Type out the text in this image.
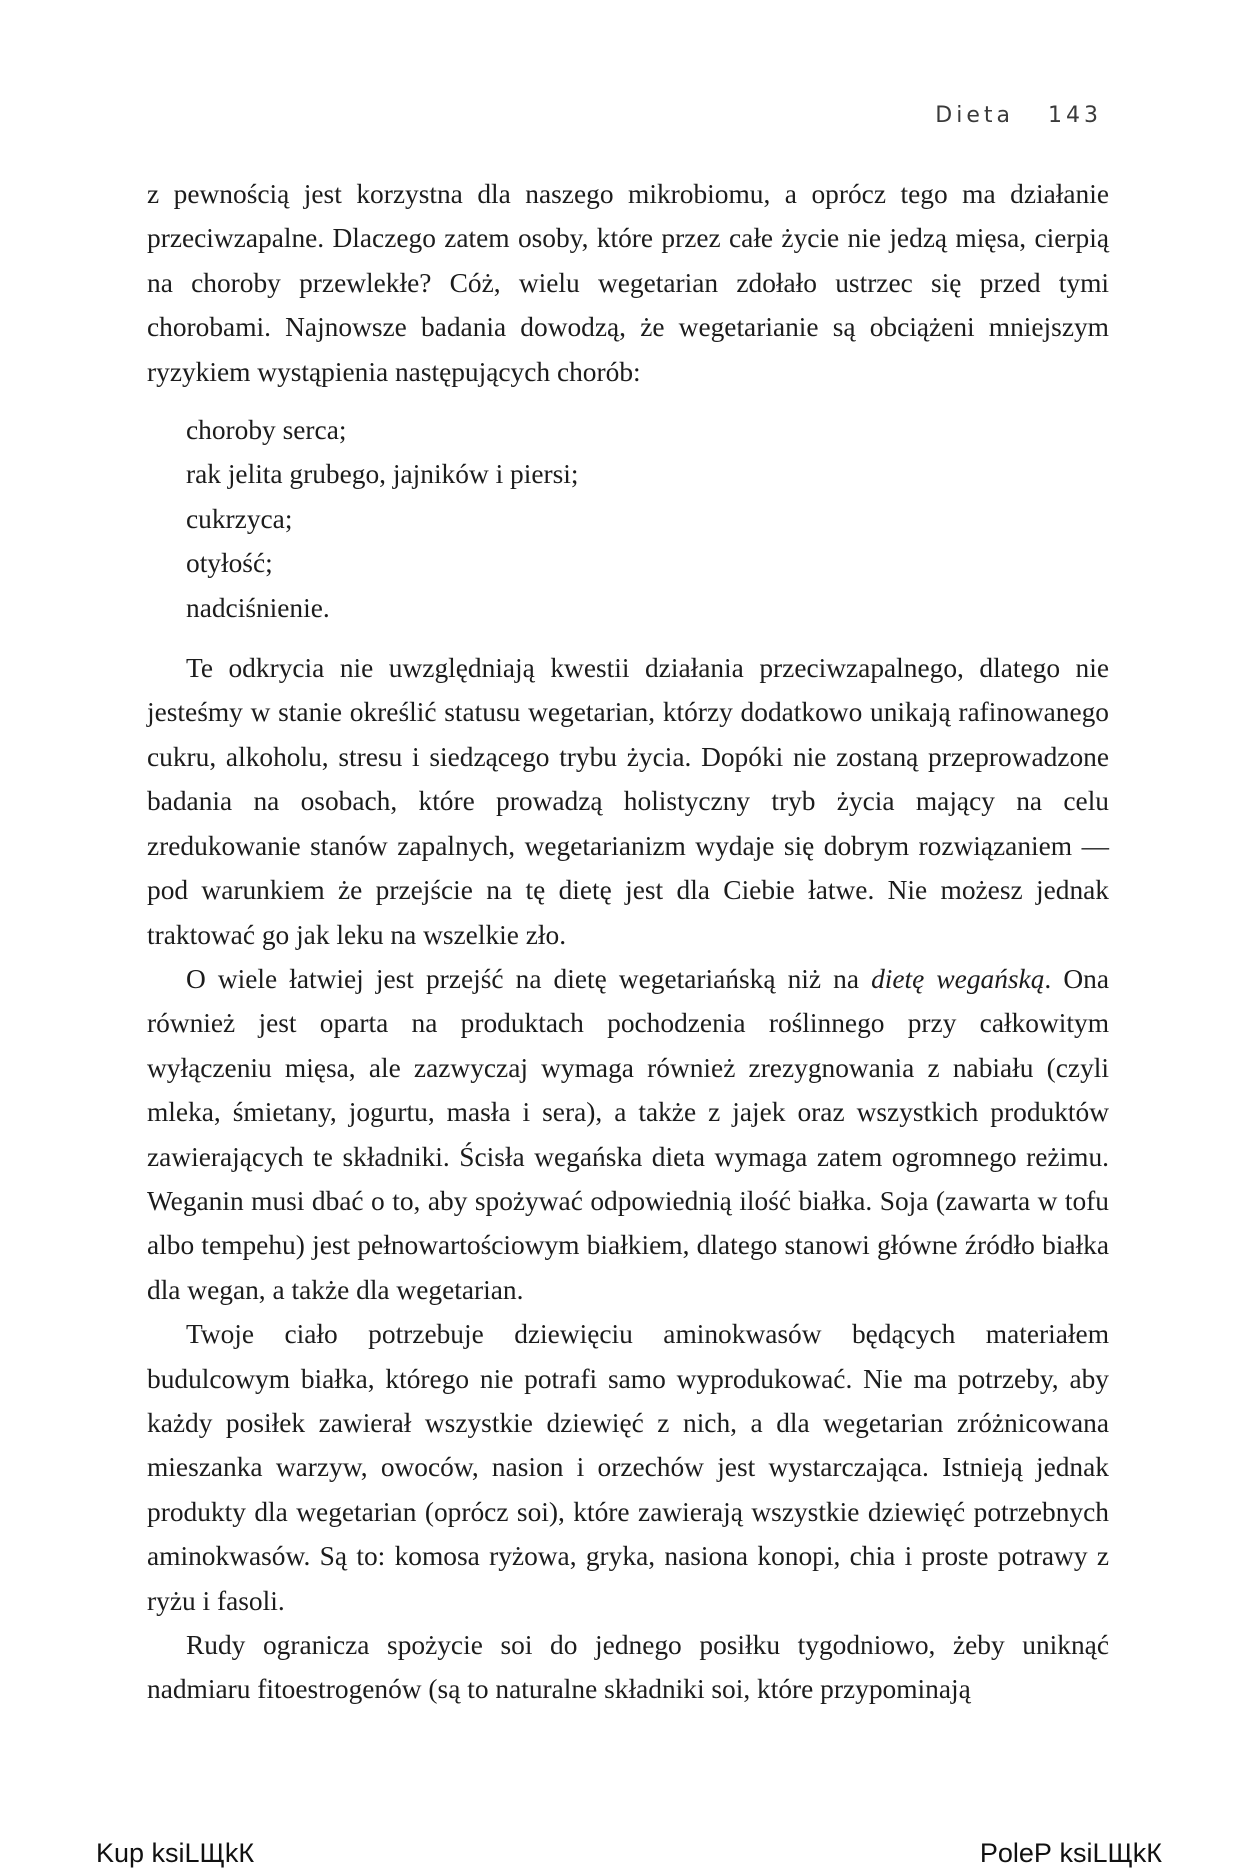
Dieta 143

z pewnością jest korzystna dla naszego mikrobiomu, a oprócz tego ma działanie przeciwzapalne. Dlaczego zatem osoby, które przez całe życie nie jedzą mięsa, cierpią na choroby przewlekłe? Cóż, wielu wegetarian zdołało ustrzec się przed tymi chorobami. Najnowsze badania dowodzą, że wegetarianie są obciążeni mniejszym ryzykiem wystąpienia następujących chorób:

choroby serca;
rak jelita grubego, jajników i piersi;
cukrzyca;
otyłość;
nadciśnienie.

Te odkrycia nie uwzględniają kwestii działania przeciwzapalnego, dlatego nie jesteśmy w stanie określić statusu wegetarian, którzy dodatkowo unikają rafinowanego cukru, alkoholu, stresu i siedzącego trybu życia. Dopóki nie zostaną przeprowadzone badania na osobach, które prowadzą holistyczny tryb życia mający na celu zredukowanie stanów zapalnych, wegetarianizm wydaje się dobrym rozwiązaniem — pod warunkiem że przejście na tę dietę jest dla Ciebie łatwe. Nie możesz jednak traktować go jak leku na wszelkie zło.

O wiele łatwiej jest przejść na dietę wegetariańską niż na dietę wegańską. Ona również jest oparta na produktach pochodzenia roślinnego przy całkowitym wyłączeniu mięsa, ale zazwyczaj wymaga również zrezygnowania z nabiału (czyli mleka, śmietany, jogurtu, masła i sera), a także z jajek oraz wszystkich produktów zawierających te składniki. Ścisła wegańska dieta wymaga zatem ogromnego reżimu. Weganin musi dbać o to, aby spożywać odpowiednią ilość białka. Soja (zawarta w tofu albo tempehu) jest pełnowartościowym białkiem, dlatego stanowi główne źródło białka dla wegan, a także dla wegetarian.

Twoje ciało potrzebuje dziewięciu aminokwasów będących materiałem budulcowym białka, którego nie potrafi samo wyprodukować. Nie ma potrzeby, aby każdy posiłek zawierał wszystkie dziewięć z nich, a dla wegetarian zróżnicowana mieszanka warzyw, owoców, nasion i orzechów jest wystarczająca. Istnieją jednak produkty dla wegetarian (oprócz soi), które zawierają wszystkie dziewięć potrzebnych aminokwasów. Są to: komosa ryżowa, gryka, nasiona konopi, chia i proste potrawy z ryżu i fasoli.

Rudy ogranicza spożycie soi do jednego posiłku tygodniowo, żeby uniknąć nadmiaru fitoestrogenów (są to naturalne składniki soi, które przypominają

Kup ksiLЩkК	PoleР ksiLЩkК
